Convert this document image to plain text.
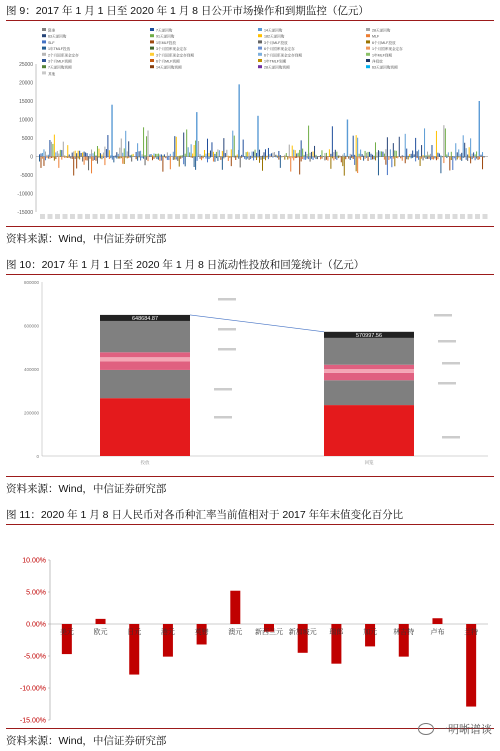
图 9：2017 年 1 月 1 日至 2020 年 1 月 8 日公开市场操作和到期监控（亿元）
降准	7天逆回购	14天逆回购	28天逆回购
63天逆回购	91天逆回购	182天逆回购	MLF
SLF	1年MLF投放	3个月MLF投放	6个月MLF投放
1年TMLF投放	3个月国库现金定存	6个月国库现金定存	1个月国库现金定存
2个月国库现金定存	3个月国库现金定存到期	6个月国库现金定存到期	1年MLF到期
3个月MLF到期	6个月MLF到期	1年TMLF到期	净投放
7天逆回购到期	14天逆回购到期	28天逆回购到期	63天逆回购到期
其他
25000
20000
15000
10000
5000
0
-5000
-10000
-15000
资料来源：Wind，中信证券研究部
图 10：2017 年 1 月 1 日至 2020 年 1 月 8 日流动性投放和回笼统计（亿元）
800000
600000
400000
200000
0
648684.87
投放
570997.56
回笼
资料来源：Wind，中信证券研究部
图 11：2020 年 1 月 8 日人民币对各币种汇率当前值相对于 2017 年年末值变化百分比
10.00%
5.00%
0.00%
-5.00%
-10.00%
-15.00%
美元	欧元	日元	港元	英镑	澳元 新西兰元 新加坡元 瑞郎	加元 林吉特 卢布	兰特
资料来源：Wind，中信证券研究部
一明晰谱谈
